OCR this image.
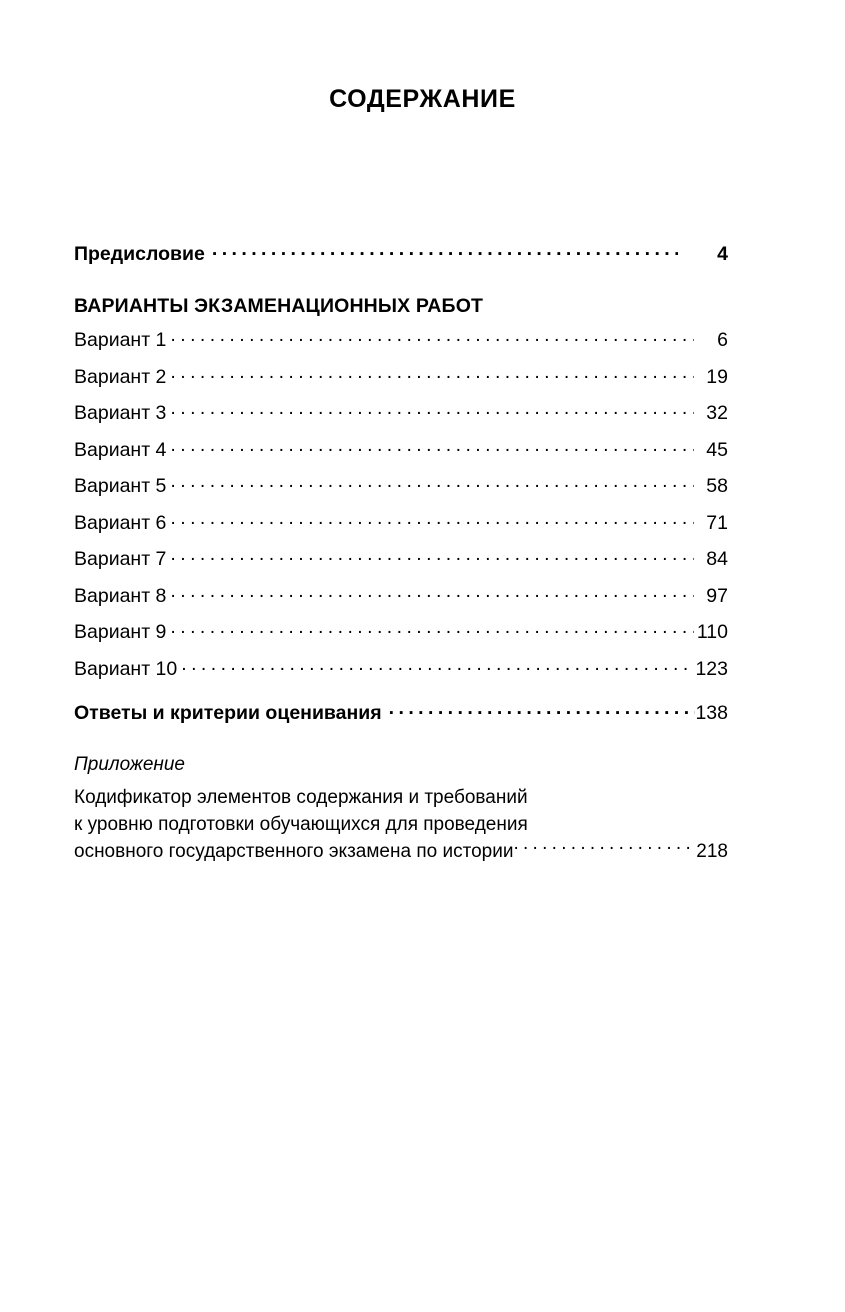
СОДЕРЖАНИЕ
Предисловие . . .	4
ВАРИАНТЫ ЭКЗАМЕНАЦИОННЫХ РАБОТ
Вариант 1 . . .	6
Вариант 2 . . .	19
Вариант 3 . . .	32
Вариант 4 . . .	45
Вариант 5 . . .	58
Вариант 6 . . .	71
Вариант 7 . . .	84
Вариант 8 . . .	97
Вариант 9 . . .	110
Вариант 10 . . .	123
Ответы и критерии оценивания . . .	138
Приложение
Кодификатор элементов содержания и требований
к уровню подготовки обучающихся для проведения
основного государственного экзамена по истории . . .	218
